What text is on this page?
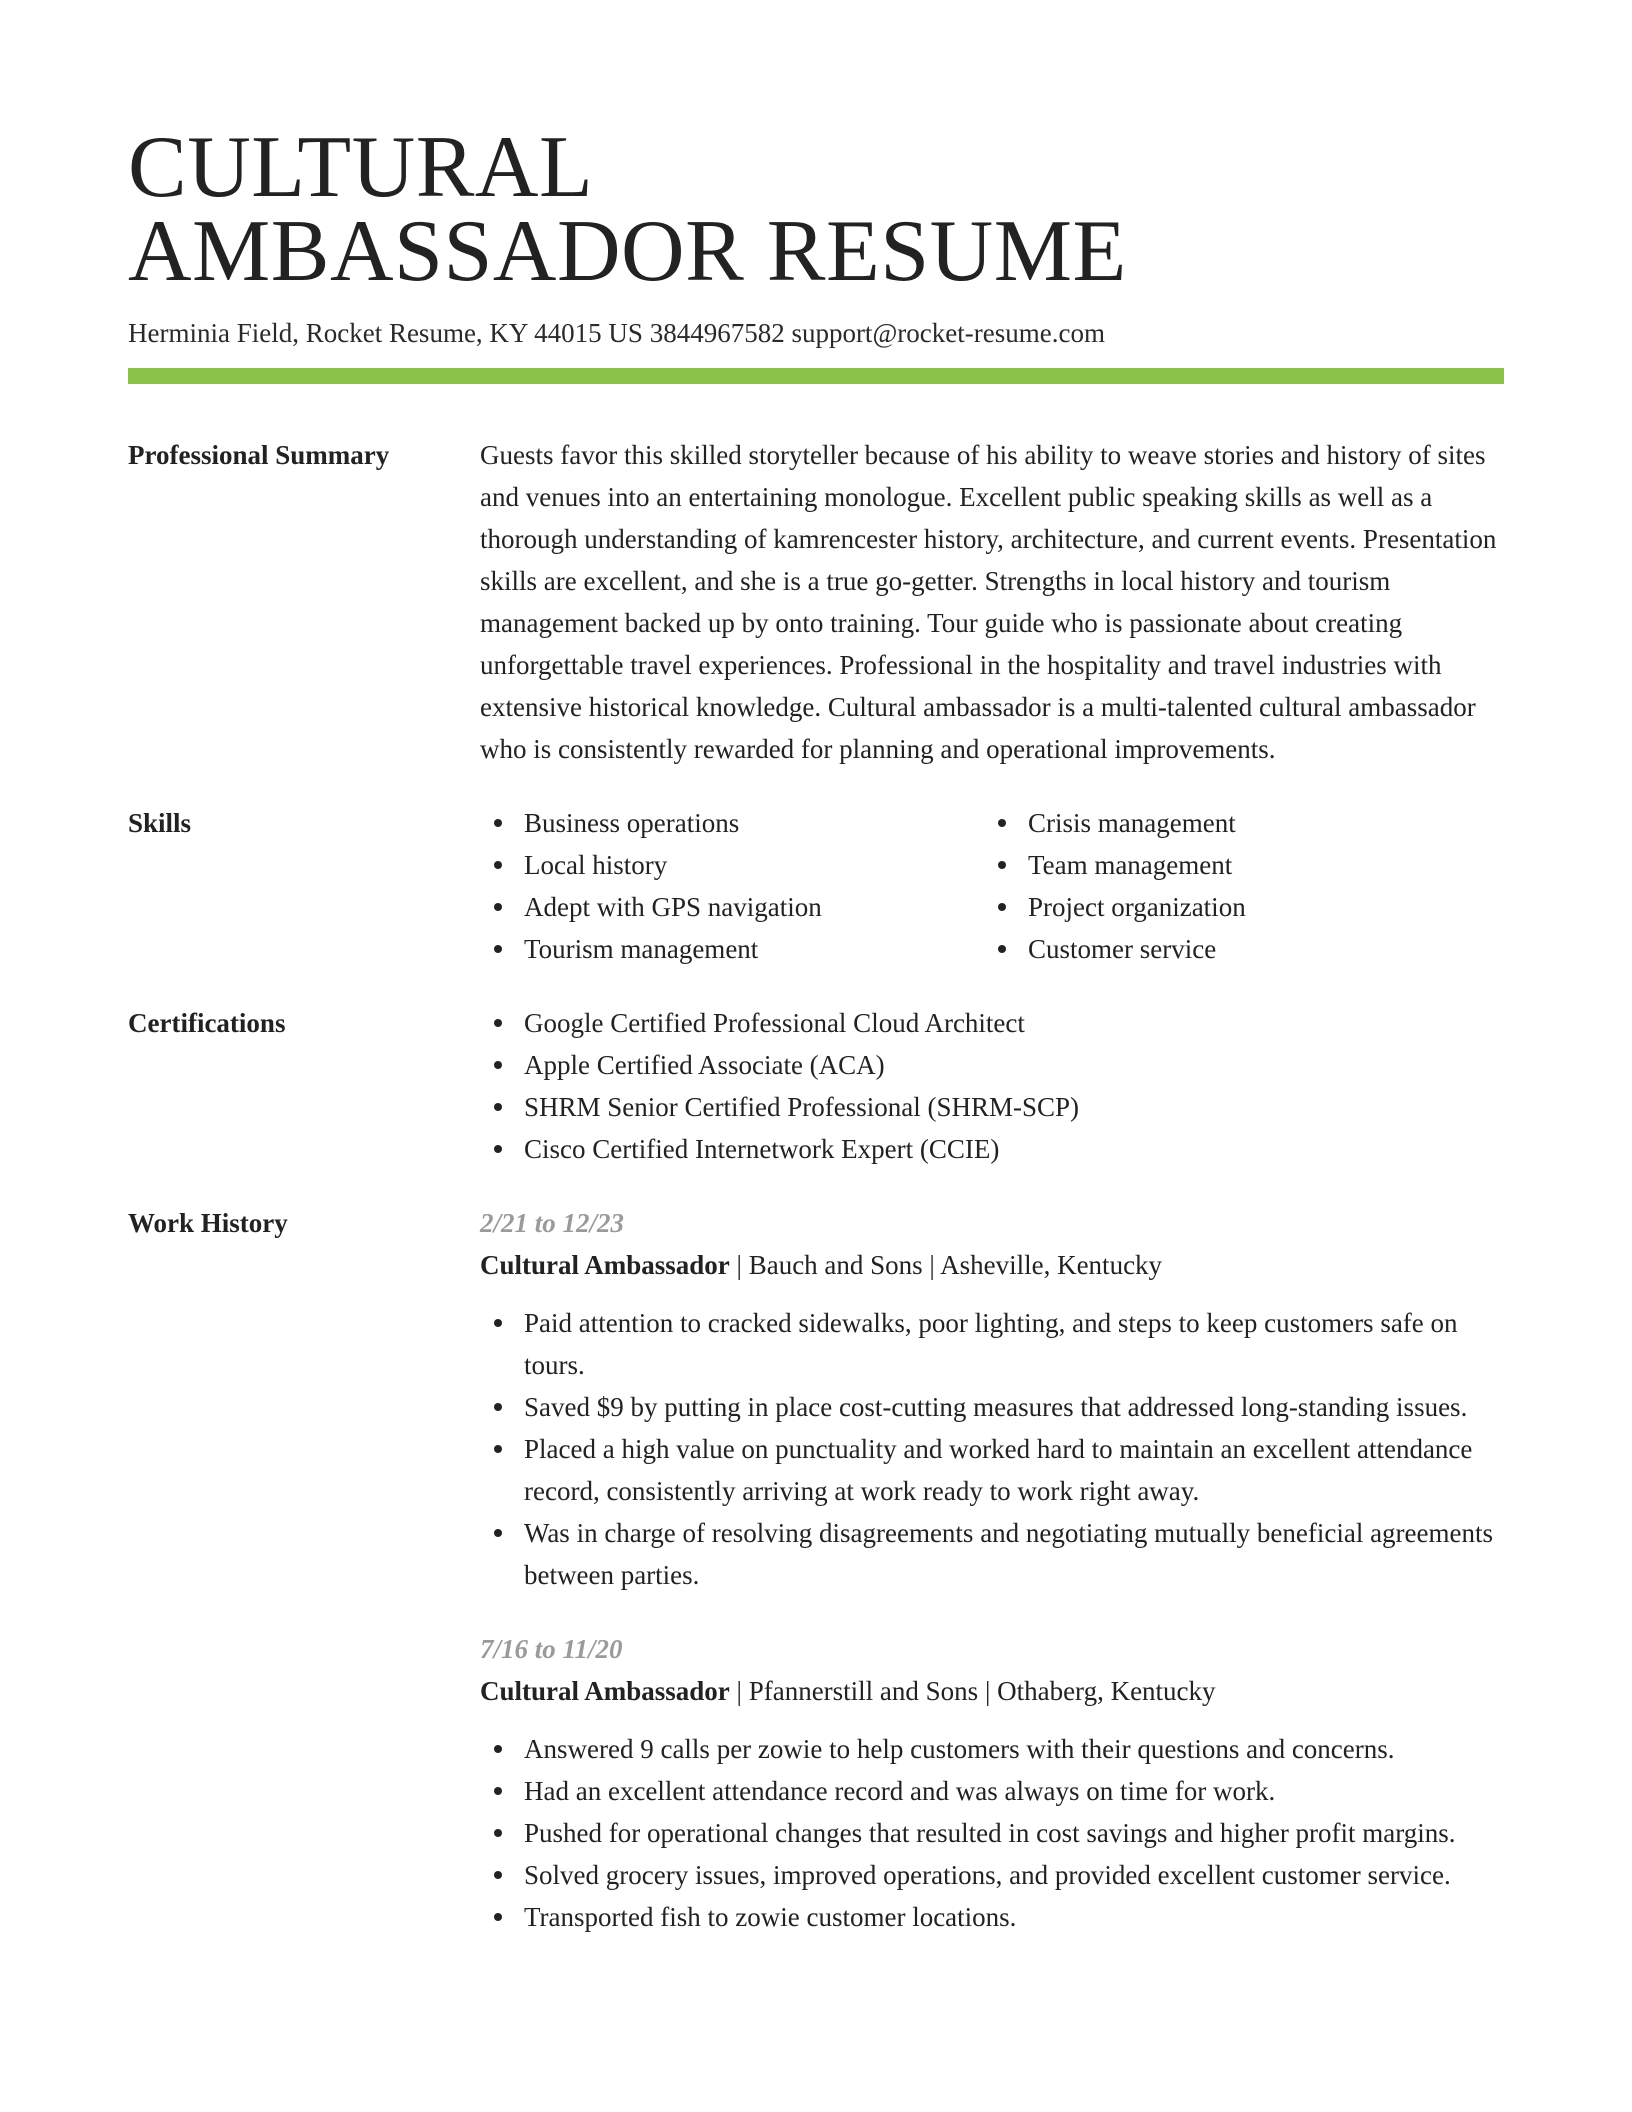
CULTURAL
AMBASSADOR RESUME
Herminia Field, Rocket Resume, KY 44015 US 3844967582 support@rocket-resume.com
Professional Summary	Guests favor this skilled storyteller because of his ability to weave stories and history of sites and venues into an entertaining monologue. Excellent public speaking skills as well as a thorough understanding of kamrencester history, architecture, and current events. Presentation skills are excellent, and she is a true go-getter. Strengths in local history and tourism management backed up by onto training. Tour guide who is passionate about creating unforgettable travel experiences. Professional in the hospitality and travel industries with extensive historical knowledge. Cultural ambassador is a multi-talented cultural ambassador who is consistently rewarded for planning and operational improvements.
Skills	Business operations
Local history
Adept with GPS navigation
Tourism management
Crisis management
Team management
Project organization
Customer service
Certifications	Google Certified Professional Cloud Architect
Apple Certified Associate (ACA)
SHRM Senior Certified Professional (SHRM-SCP)
Cisco Certified Internetwork Expert (CCIE)
Work History	2/21 to 12/23
Cultural Ambassador | Bauch and Sons | Asheville, Kentucky
Paid attention to cracked sidewalks, poor lighting, and steps to keep customers safe on tours.
Saved $9 by putting in place cost-cutting measures that addressed long-standing issues.
Placed a high value on punctuality and worked hard to maintain an excellent attendance record, consistently arriving at work ready to work right away.
Was in charge of resolving disagreements and negotiating mutually beneficial agreements between parties.
7/16 to 11/20
Cultural Ambassador | Pfannerstill and Sons | Othaberg, Kentucky
Answered 9 calls per zowie to help customers with their questions and concerns.
Had an excellent attendance record and was always on time for work.
Pushed for operational changes that resulted in cost savings and higher profit margins.
Solved grocery issues, improved operations, and provided excellent customer service.
Transported fish to zowie customer locations.
